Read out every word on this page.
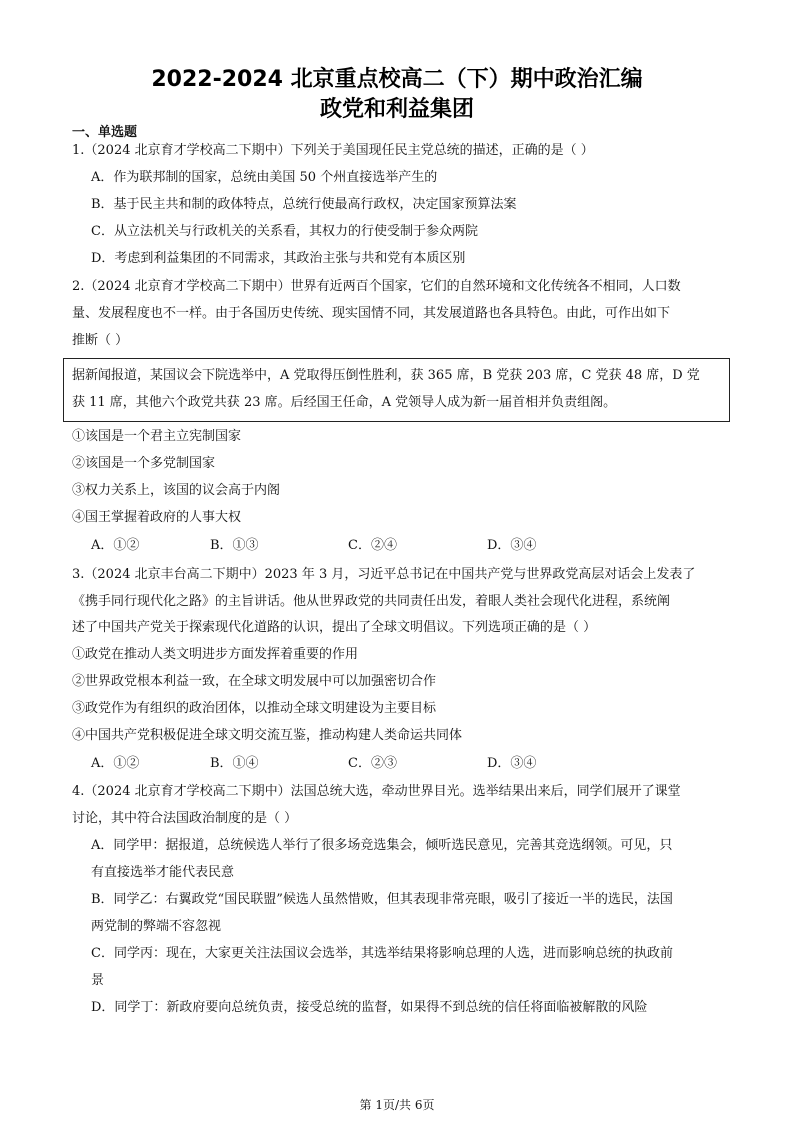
2022-2024 北京重点校高二（下）期中政治汇编
政党和利益集团
一、单选题
1.（2024 北京育才学校高二下期中）下列关于美国现任民主党总统的描述，正确的是（ ）
A．作为联邦制的国家，总统由美国 50 个州直接选举产生的
B．基于民主共和制的政体特点，总统行使最高行政权，决定国家预算法案
C．从立法机关与行政机关的关系看，其权力的行使受制于参众两院
D．考虑到利益集团的不同需求，其政治主张与共和党有本质区别
2.（2024 北京育才学校高二下期中）世界有近两百个国家，它们的自然环境和文化传统各不相同，人口数
量、发展程度也不一样。由于各国历史传统、现实国情不同，其发展道路也各具特色。由此，可作出如下
推断（ ）
据新闻报道，某国议会下院选举中，A 党取得压倒性胜利，获 365 席，B 党获 203 席，C 党获 48 席，D 党
获 11 席，其他六个政党共获 23 席。后经国王任命，A 党领导人成为新一届首相并负责组阁。
①该国是一个君主立宪制国家
②该国是一个多党制国家
③权力关系上，该国的议会高于内阁
④国王掌握着政府的人事大权
A．①②	B．①③	C．②④	D．③④
3.（2024 北京丰台高二下期中）2023 年 3 月，习近平总书记在中国共产党与世界政党高层对话会上发表了
《携手同行现代化之路》的主旨讲话。他从世界政党的共同责任出发，着眼人类社会现代化进程，系统阐
述了中国共产党关于探索现代化道路的认识，提出了全球文明倡议。下列选项正确的是（ ）
①政党在推动人类文明进步方面发挥着重要的作用
②世界政党根本利益一致，在全球文明发展中可以加强密切合作
③政党作为有组织的政治团体，以推动全球文明建设为主要目标
④中国共产党积极促进全球文明交流互鉴，推动构建人类命运共同体
A．①②	B．①④	C．②③	D．③④
4.（2024 北京育才学校高二下期中）法国总统大选，牵动世界目光。选举结果出来后，同学们展开了课堂
讨论，其中符合法国政治制度的是（ ）
A．同学甲：据报道，总统候选人举行了很多场竞选集会，倾听选民意见，完善其竞选纲领。可见，只
有直接选举才能代表民意
B．同学乙：右翼政党“国民联盟”候选人虽然惜败，但其表现非常亮眼，吸引了接近一半的选民，法国
两党制的弊端不容忽视
C．同学丙：现在，大家更关注法国议会选举，其选举结果将影响总理的人选，进而影响总统的执政前
景
D．同学丁：新政府要向总统负责，接受总统的监督，如果得不到总统的信任将面临被解散的风险
第 1页/共 6页
